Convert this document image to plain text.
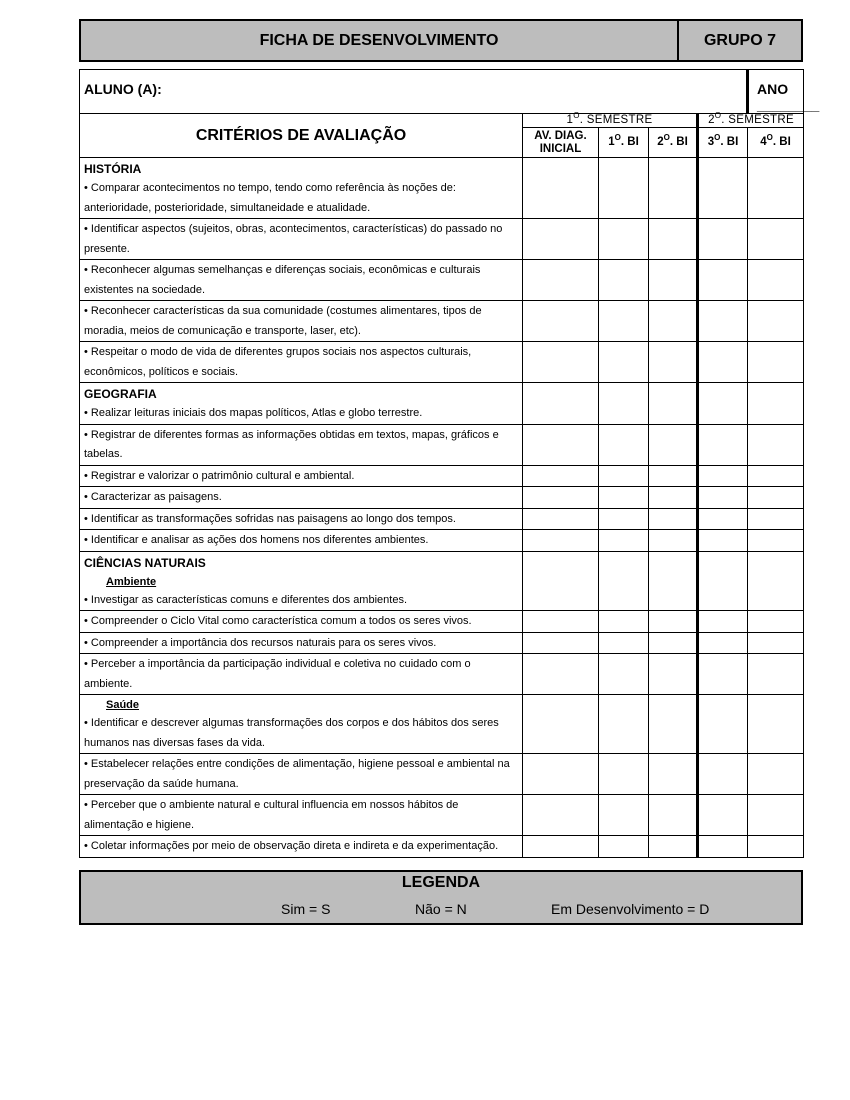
FICHA DE DESENVOLVIMENTO	GRUPO 7
ALUNO (A):					ANO ________
CRITÉRIOS DE AVALIAÇÃO	$1^O$. SEMESTRE			$2^O$. SEMESTRE	
	AV. DIAG.
INICIAL	$1^O$. BI	$2^O$. BI	$3^O$. BI	$4^O$. BI

HISTÓRIA
• Comparar acontecimentos no tempo, tendo como referência às noções de: anterioridade, posterioridade, simultaneidade e atualidade.					
• Identificar aspectos (sujeitos, obras, acontecimentos, características) do passado no presente.					
• Reconhecer algumas semelhanças e diferenças sociais, econômicas e culturais existentes na sociedade.					
• Reconhecer características da sua comunidade (costumes alimentares, tipos de moradia, meios de comunicação e transporte, laser, etc).					
• Respeitar o modo de vida de diferentes grupos sociais nos aspectos culturais, econômicos, políticos e sociais.					

GEOGRAFIA
• Realizar leituras iniciais dos mapas políticos, Atlas e globo terrestre.					
• Registrar de diferentes formas as informações obtidas em textos, mapas, gráficos e tabelas.					
• Registrar e valorizar o patrimônio cultural e ambiental.					
• Caracterizar as paisagens.					
• Identificar as transformações sofridas nas paisagens ao longo dos tempos.					
• Identificar e analisar as ações dos homens nos diferentes ambientes.					

CIÊNCIAS NATURAIS
Ambiente
• Investigar as características comuns e diferentes dos ambientes.					
• Compreender o Ciclo Vital como característica comum a todos os seres vivos.					
• Compreender a importância dos recursos naturais para os seres vivos.					
• Perceber a importância da participação individual e coletiva no cuidado com o ambiente.					

Saúde
• Identificar e descrever algumas transformações dos corpos e dos hábitos dos seres humanos nas diversas fases da vida.					
• Estabelecer relações entre condições de alimentação, higiene pessoal e ambiental na preservação da saúde humana.					
• Perceber que o ambiente natural e cultural influencia em nossos hábitos de alimentação e higiene.					
• Coletar informações por meio de observação direta e indireta e da experimentação.					
LEGENDA
Sim = S	Não = N	Em Desenvolvimento = D
